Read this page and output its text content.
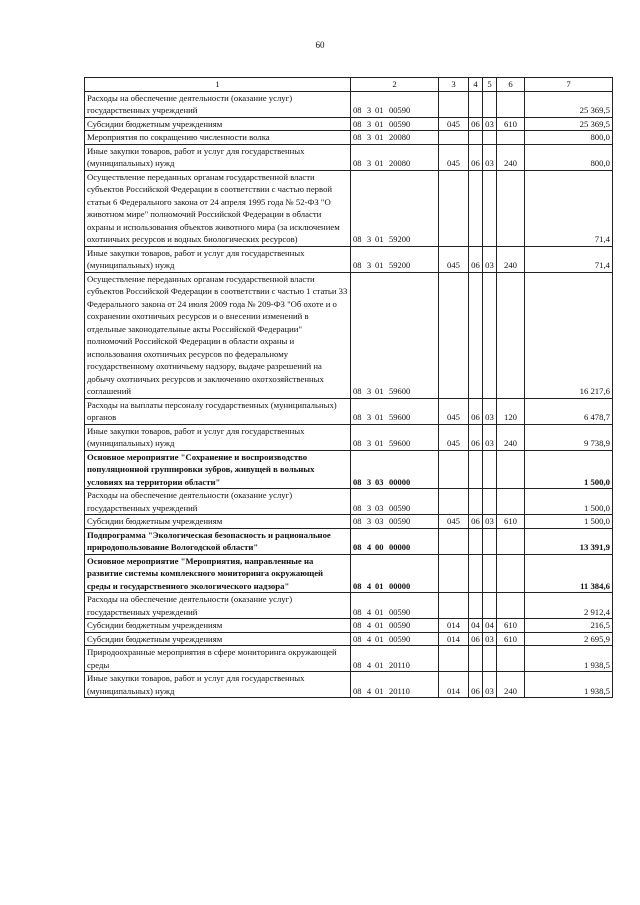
60
1	2	3	4	5	6	7
Расходы на обеспечение деятельности (оказание услуг) государственных учреждений	08 3 01 00590					25 369,5
Субсидии бюджетным учреждениям	08 3 01 00590	045	06	03	610	25 369,5
Мероприятия по сокращению численности волка	08 3 01 20080					800,0
Иные закупки товаров, работ и услуг для государственных (муниципальных) нужд	08 3 01 20080	045	06	03	240	800,0
Осуществление переданных органам государственной власти субъектов Российской Федерации в соответствии с частью первой статьи 6 Федерального закона от 24 апреля 1995 года № 52-ФЗ "О животном мире" полномочий Российской Федерации в области охраны и использования объектов животного мира (за исключением охотничьих ресурсов и водных биологических ресурсов)	08 3 01 59200					71,4
Иные закупки товаров, работ и услуг для государственных (муниципальных) нужд	08 3 01 59200	045	06	03	240	71,4
Осуществление переданных органам государственной власти субъектов Российской Федерации в соответствии с частью 1 статьи 33 Федерального закона от 24 июля 2009 года № 209-ФЗ "Об охоте и о сохранении охотничьих ресурсов и о внесении изменений в отдельные законодательные акты Российской Федерации" полномочий Российской Федерации в области охраны и использования охотничьих ресурсов по федеральному государственному охотничьему надзору, выдаче разрешений на добычу охотничьих ресурсов и заключению охотхозяйственных соглашений	08 3 01 59600					16 217,6
Расходы на выплаты персоналу государственных (муниципальных) органов	08 3 01 59600	045	06	03	120	6 478,7
Иные закупки товаров, работ и услуг для государственных (муниципальных) нужд	08 3 01 59600	045	06	03	240	9 738,9
Основное мероприятие "Сохранение и воспроизводство популяционной группировки зубров, живущей в вольных условиях на территории области"	08 3 03 00000					1 500,0
Расходы на обеспечение деятельности (оказание услуг) государственных учреждений	08 3 03 00590					1 500,0
Субсидии бюджетным учреждениям	08 3 03 00590	045	06	03	610	1 500,0
Подпрограмма "Экологическая безопасность и рациональное природопользование Вологодской области"	08 4 00 00000					13 391,9
Основное мероприятие "Мероприятия, направленные на развитие системы комплексного мониторинга окружающей среды и государственного экологического надзора"	08 4 01 00000					11 384,6
Расходы на обеспечение деятельности (оказание услуг) государственных учреждений	08 4 01 00590					2 912,4
Субсидии бюджетным учреждениям	08 4 01 00590	014	04	04	610	216,5
Субсидии бюджетным учреждениям	08 4 01 00590	014	06	03	610	2 695,9
Природоохранные мероприятия в сфере мониторинга окружающей среды	08 4 01 20110					1 938,5
Иные закупки товаров, работ и услуг для государственных (муниципальных) нужд	08 4 01 20110	014	06	03	240	1 938,5
